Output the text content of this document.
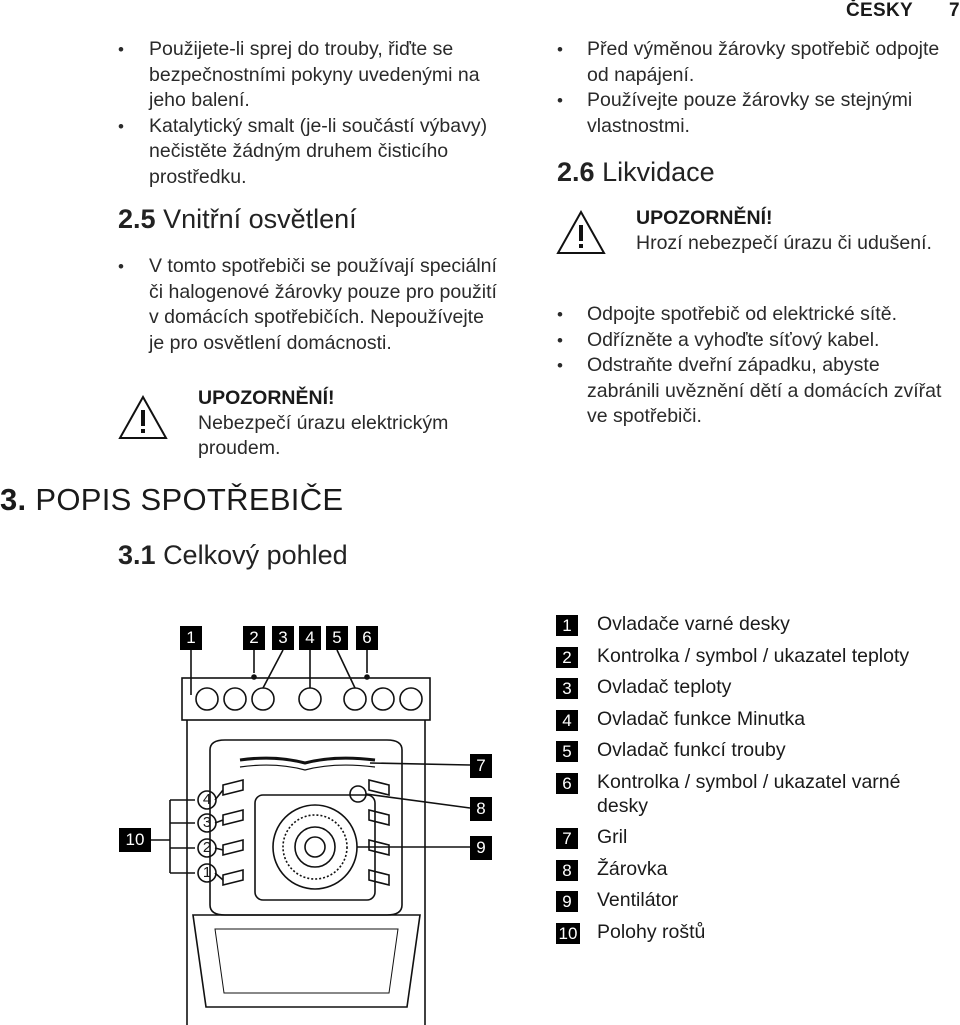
ČESKY 7
• Použijete-li sprej do trouby, řiďte se bezpečnostními pokyny uvedenými na jeho balení.
• Katalytický smalt (je-li součástí výbavy) nečistěte žádným druhem čisticího prostředku.
2.5 Vnitřní osvětlení
• V tomto spotřebiči se používají speciální či halogenové žárovky pouze pro použití v domácích spotřebičích. Nepoužívejte je pro osvětlení domácnosti.
UPOZORNĚNÍ!
Nebezpečí úrazu elektrickým proudem.
• Před výměnou žárovky spotřebič odpojte od napájení.
• Používejte pouze žárovky se stejnými vlastnostmi.
2.6 Likvidace
UPOZORNĚNÍ!
Hrozí nebezpečí úrazu či udušení.
• Odpojte spotřebič od elektrické sítě.
• Odřízněte a vyhoďte síťový kabel.
• Odstraňte dveřní západku, abyste zabránili uvěznění dětí a domácích zvířat ve spotřebiči.
3. POPIS SPOTŘEBIČE
3.1 Celkový pohled
1	2	3	4	5	6
7
8
9
10
4
3
2
1
1	Ovladače varné desky
2	Kontrolka / symbol / ukazatel teploty
3	Ovladač teploty
4	Ovladač funkce Minutka
5	Ovladač funkcí trouby
6	Kontrolka / symbol / ukazatel varné desky
7	Gril
8	Žárovka
9	Ventilátor
10 Polohy roštů
